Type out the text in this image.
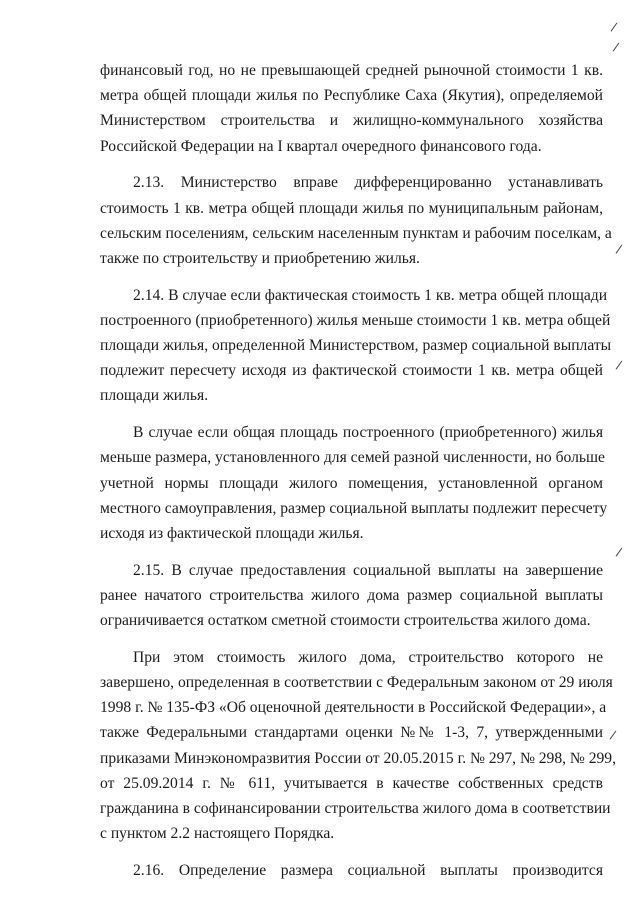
финансовый год, но не превышающей средней рыночной стоимости 1 кв.
метра общей площади жилья по Республике Саха (Якутия), определяемой
Министерством строительства и жилищно-коммунального хозяйства
Российской Федерации на I квартал очередного финансового года.

2.13. Министерство вправе дифференцированно устанавливать
стоимость 1 кв. метра общей площади жилья по муниципальным районам,
сельским поселениям, сельским населенным пунктам и рабочим поселкам, а
также по строительству и приобретению жилья.

2.14. В случае если фактическая стоимость 1 кв. метра общей площади
построенного (приобретенного) жилья меньше стоимости 1 кв. метра общей
площади жилья, определенной Министерством, размер социальной выплаты
подлежит пересчету исходя из фактической стоимости 1 кв. метра общей
площади жилья.

В случае если общая площадь построенного (приобретенного) жилья
меньше размера, установленного для семей разной численности, но больше
учетной нормы площади жилого помещения, установленной органом
местного самоуправления, размер социальной выплаты подлежит пересчету
исходя из фактической площади жилья.

2.15. В случае предоставления социальной выплаты на завершение
ранее начатого строительства жилого дома размер социальной выплаты
ограничивается остатком сметной стоимости строительства жилого дома.

При этом стоимость жилого дома, строительство которого не
завершено, определенная в соответствии с Федеральным законом от 29 июля
1998 г. № 135-ФЗ «Об оценочной деятельности в Российской Федерации», а
также Федеральными стандартами оценки №№ 1-3, 7, утвержденными
приказами Минэкономразвития России от 20.05.2015 г. № 297, № 298, № 299,
от 25.09.2014 г. № 611, учитывается в качестве собственных средств
гражданина в софинансировании строительства жилого дома в соответствии
с пунктом 2.2 настоящего Порядка.

2.16. Определение размера социальной выплаты производится

/
/
/
/
/
/
